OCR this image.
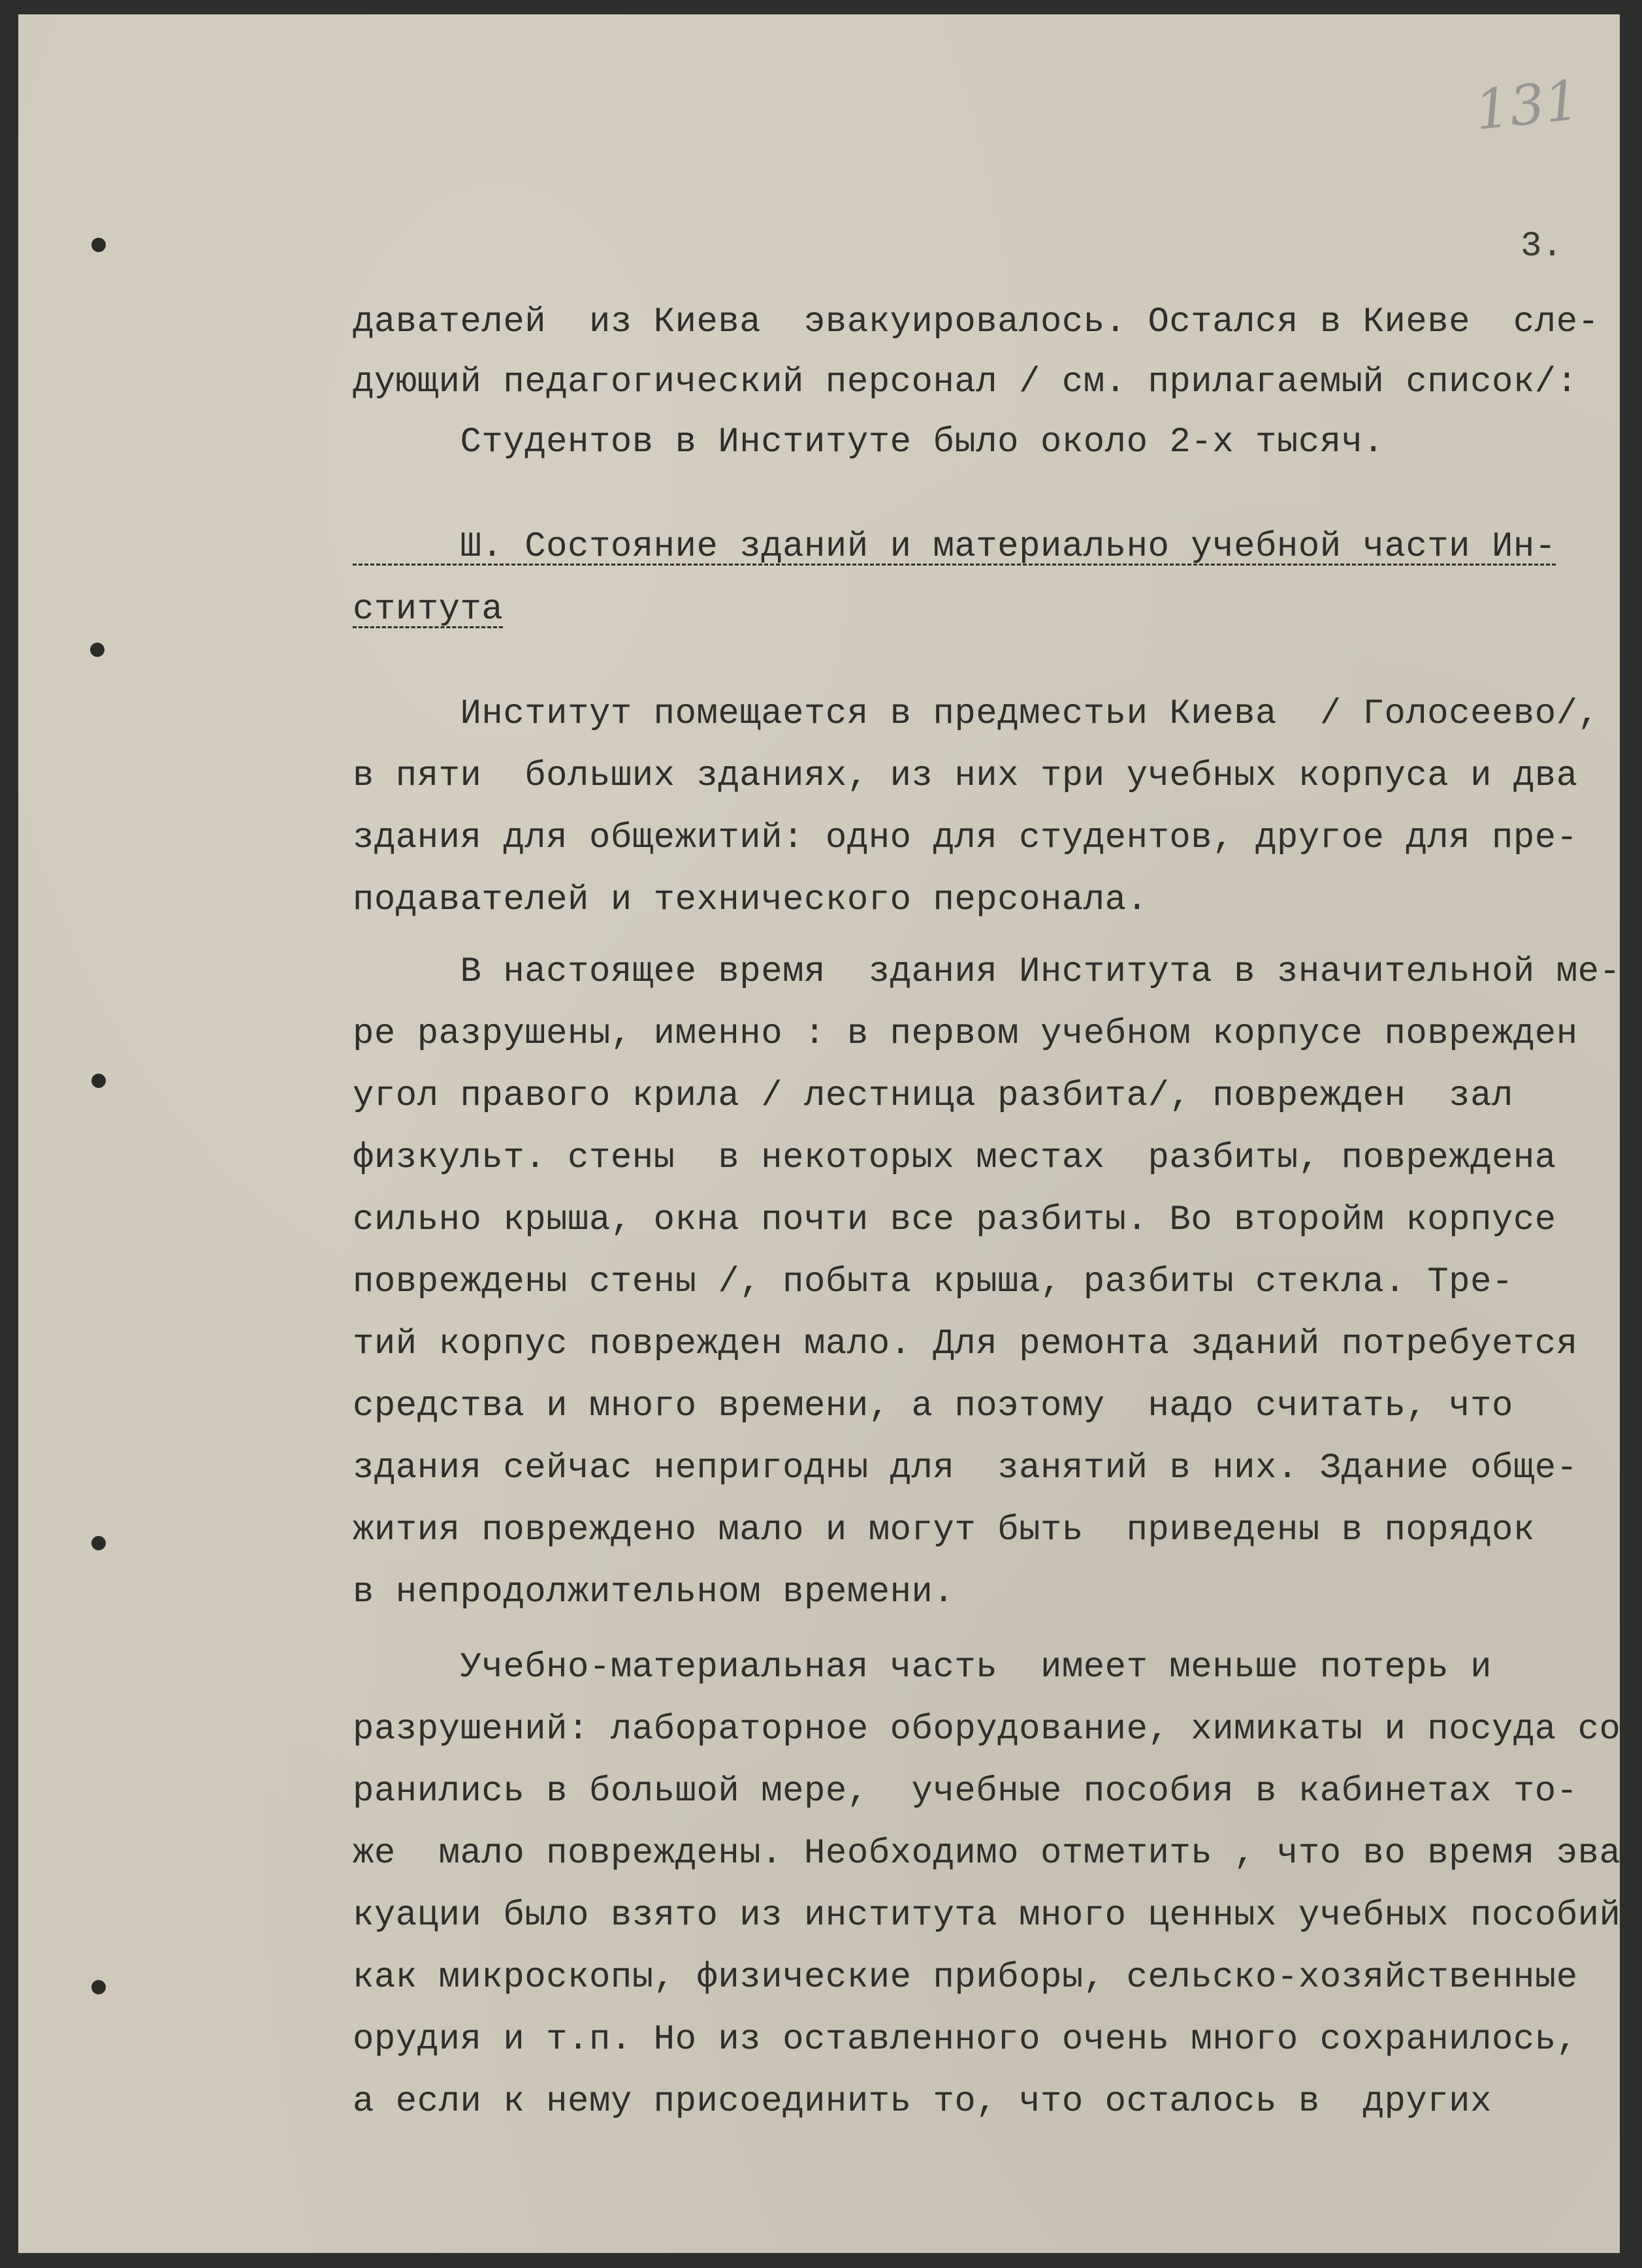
131
3.
давателей  из Киева  эвакуировалось. Остался в Киеве  сле-
дующий педагогический персонал / см. прилагаемый список/:
Студентов в Институте было около 2-х тысяч.
Ш. Состояние зданий и материально учебной части Ин-
ститута
Институт помещается в предместьи Киева  / Голосеево/,
в пяти  больших зданиях, из них три учебных корпуса и два
здания для общежитий: одно для студентов, другое для пре-
подавателей и технического персонала.
В настоящее время  здания Института в значительной ме-
ре разрушены, именно : в первом учебном корпусе поврежден
угол правого крила / лестница разбита/, поврежден  зал
физкульт. стены  в некоторых местах  разбиты, повреждена
сильно крыша, окна почти все разбиты. Во второйм корпусе
повреждены стены /, побыта крыша, разбиты стекла. Тре-
тий корпус поврежден мало. Для ремонта зданий потребуется
средства и много времени, а поэтому  надо считать, что
здания сейчас непригодны для  занятий в них. Здание обще-
жития повреждено мало и могут быть  приведены в порядок
в непродолжительном времени.
Учебно-материальная часть  имеет меньше потерь и
разрушений: лабораторное оборудование, химикаты и посуда со-
ранились в большой мере,  учебные пособия в кабинетах то-
же  мало повреждены. Необходимо отметить , что во время эва-
куации было взято из института много ценных учебных пособий,
как микроскопы, физические приборы, сельско-хозяйственные
орудия и т.п. Но из оставленного очень много сохранилось,
а если к нему присоединить то, что осталось в  других
